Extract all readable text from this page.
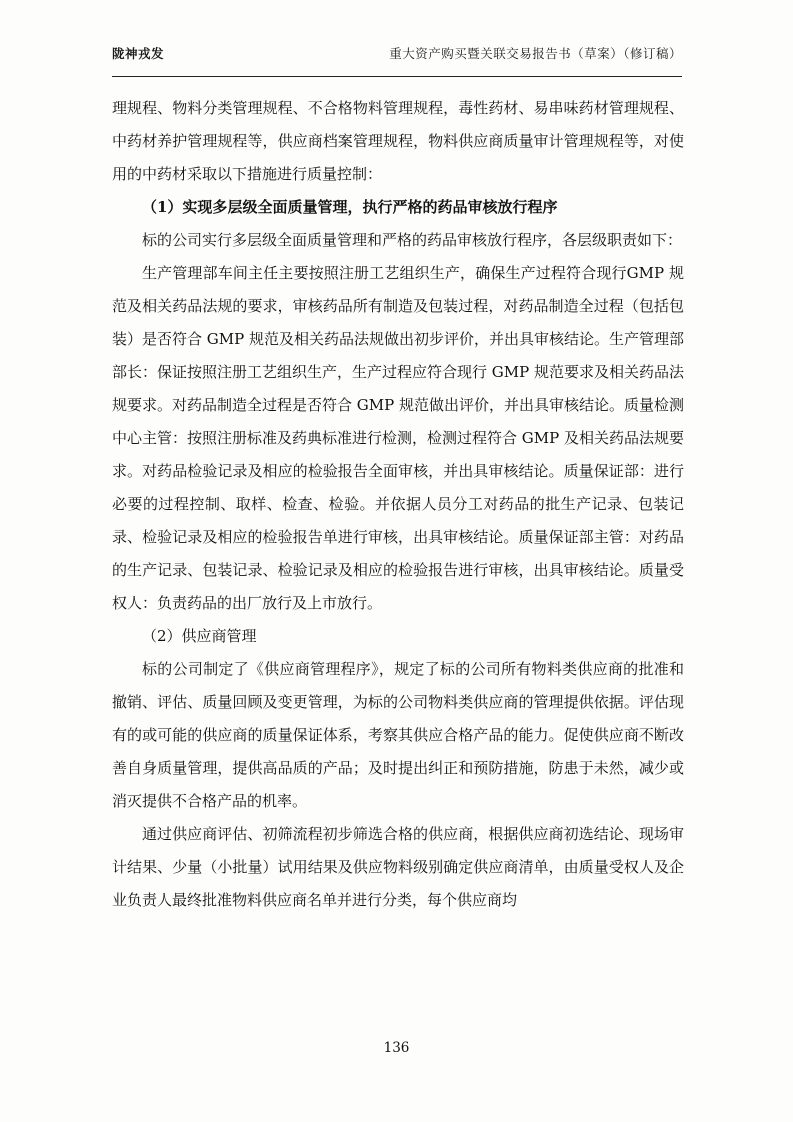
陇神戎发	重大资产购买暨关联交易报告书（草案）（修订稿）

理规程、物料分类管理规程、不合格物料管理规程，毒性药材、易串味药材管理规程、中药材养护管理规程等，供应商档案管理规程，物料供应商质量审计管理规程等，对使用的中药材采取以下措施进行质量控制：

（1）实现多层级全面质量管理，执行严格的药品审核放行程序

标的公司实行多层级全面质量管理和严格的药品审核放行程序，各层级职责如下：

生产管理部车间主任主要按照注册工艺组织生产，确保生产过程符合现行GMP 规范及相关药品法规的要求，审核药品所有制造及包装过程，对药品制造全过程（包括包装）是否符合 GMP 规范及相关药品法规做出初步评价，并出具审核结论。生产管理部部长：保证按照注册工艺组织生产，生产过程应符合现行 GMP 规范要求及相关药品法规要求。对药品制造全过程是否符合 GMP 规范做出评价，并出具审核结论。质量检测中心主管：按照注册标准及药典标准进行检测，检测过程符合 GMP 及相关药品法规要求。对药品检验记录及相应的检验报告全面审核，并出具审核结论。质量保证部：进行必要的过程控制、取样、检查、检验。并依据人员分工对药品的批生产记录、包装记录、检验记录及相应的检验报告单进行审核，出具审核结论。质量保证部主管：对药品的生产记录、包装记录、检验记录及相应的检验报告进行审核，出具审核结论。质量受权人：负责药品的出厂放行及上市放行。

（2）供应商管理

标的公司制定了《供应商管理程序》，规定了标的公司所有物料类供应商的批准和撤销、评估、质量回顾及变更管理，为标的公司物料类供应商的管理提供依据。评估现有的或可能的供应商的质量保证体系，考察其供应合格产品的能力。促使供应商不断改善自身质量管理，提供高品质的产品；及时提出纠正和预防措施，防患于未然，减少或消灭提供不合格产品的机率。

通过供应商评估、初筛流程初步筛选合格的供应商，根据供应商初选结论、现场审计结果、少量（小批量）试用结果及供应物料级别确定供应商清单，由质量受权人及企业负责人最终批准物料供应商名单并进行分类，每个供应商均

136
